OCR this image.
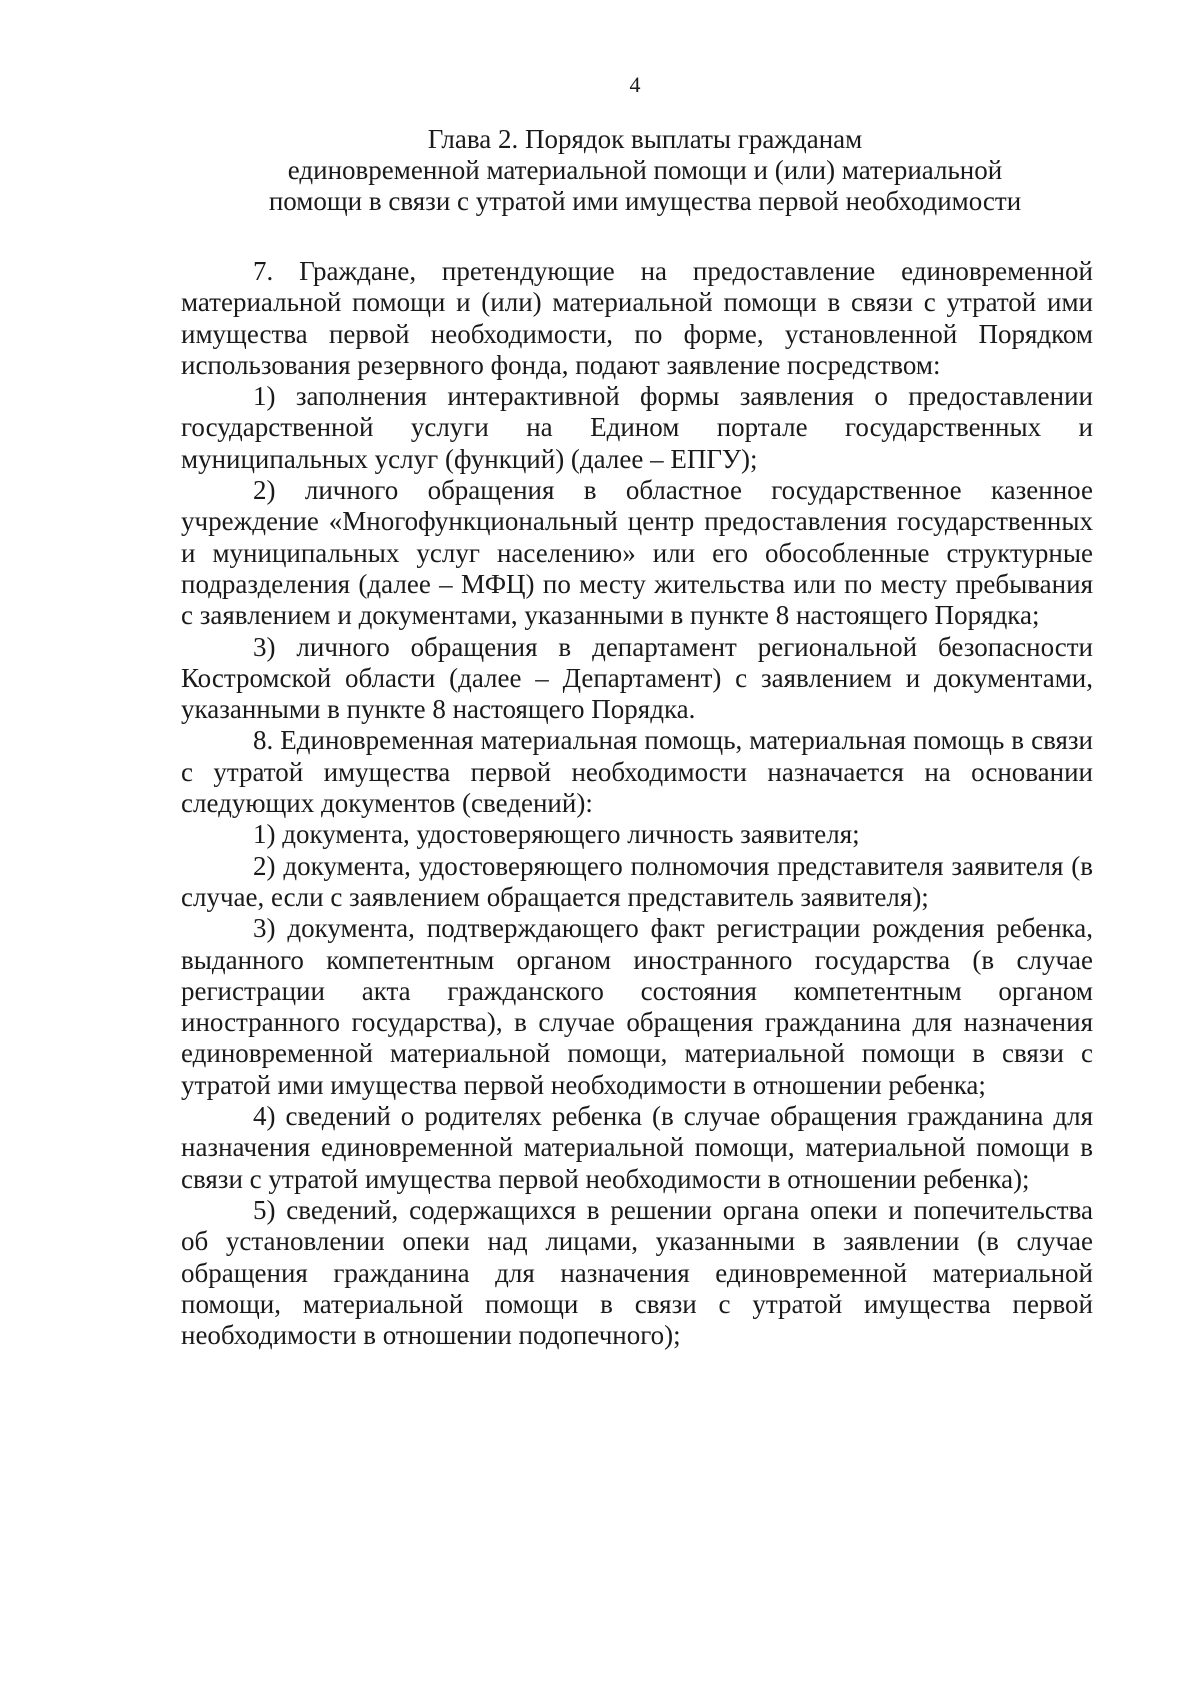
4
Глава 2. Порядок выплаты гражданам
единовременной материальной помощи и (или) материальной
помощи в связи с утратой ими имущества первой необходимости

7. Граждане, претендующие на предоставление единовременной материальной помощи и (или) материальной помощи в связи с утратой ими имущества первой необходимости, по форме, установленной Порядком использования резервного фонда, подают заявление посредством:

1) заполнения интерактивной формы заявления о предоставлении государственной услуги на Едином портале государственных и муниципальных услуг (функций) (далее – ЕПГУ);

2) личного обращения в областное государственное казенное учреждение «Многофункциональный центр предоставления государственных и муниципальных услуг населению» или его обособленные структурные подразделения (далее – МФЦ) по месту жительства или по месту пребывания с заявлением и документами, указанными в пункте 8 настоящего Порядка;

3) личного обращения в департамент региональной безопасности Костромской области (далее – Департамент) с заявлением и документами, указанными в пункте 8 настоящего Порядка.

8. Единовременная материальная помощь, материальная помощь в связи с утратой имущества первой необходимости назначается на основании следующих документов (сведений):

1) документа, удостоверяющего личность заявителя;

2) документа, удостоверяющего полномочия представителя заявителя (в случае, если с заявлением обращается представитель заявителя);

3) документа, подтверждающего факт регистрации рождения ребенка, выданного компетентным органом иностранного государства (в случае регистрации акта гражданского состояния компетентным органом иностранного государства), в случае обращения гражданина для назначения единовременной материальной помощи, материальной помощи в связи с утратой ими имущества первой необходимости в отношении ребенка;

4) сведений о родителях ребенка (в случае обращения гражданина для назначения единовременной материальной помощи, материальной помощи в связи с утратой имущества первой необходимости в отношении ребенка);

5) сведений, содержащихся в решении органа опеки и попечительства об установлении опеки над лицами, указанными в заявлении (в случае обращения гражданина для назначения единовременной материальной помощи, материальной помощи в связи с утратой имущества первой необходимости в отношении подопечного);
